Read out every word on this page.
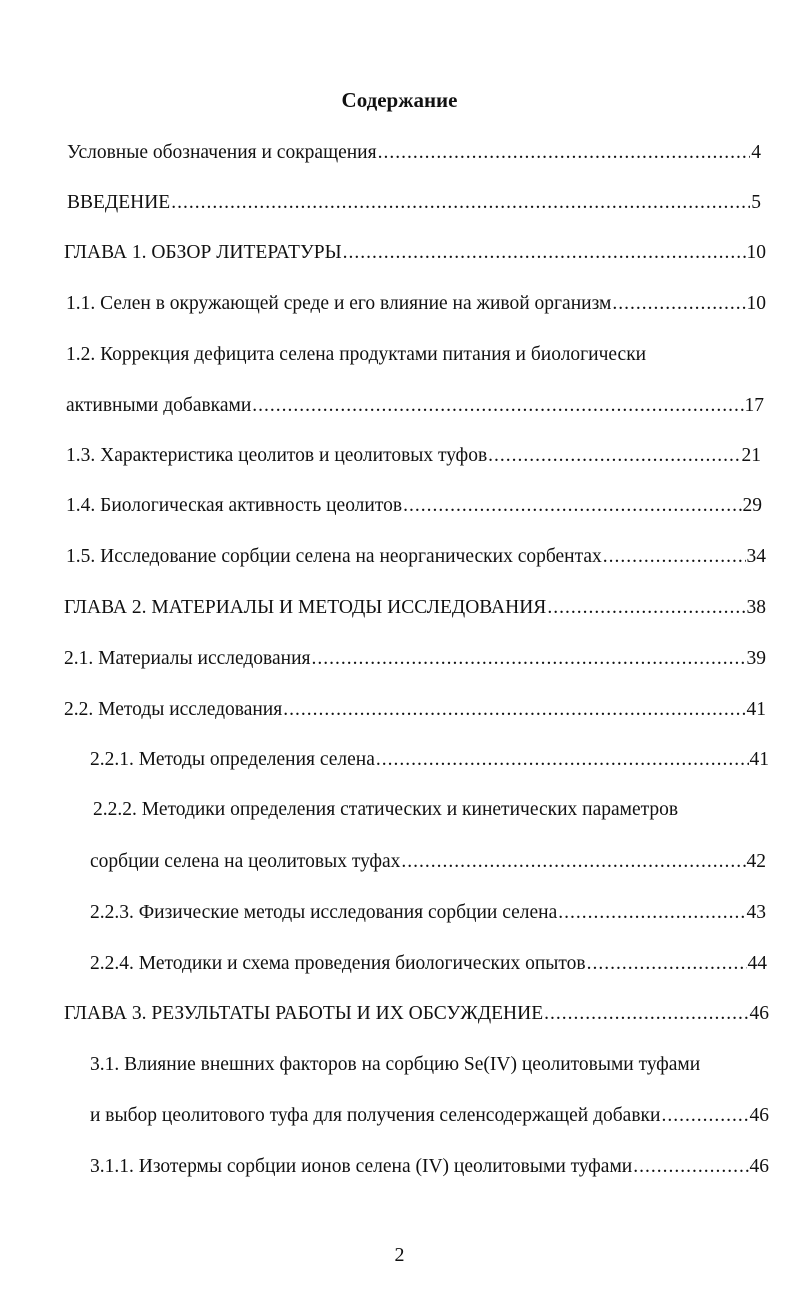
Содержание
Условные обозначения и сокращения .....	4
ВВЕДЕНИЕ .....	5
ГЛАВА 1. ОБЗОР ЛИТЕРАТУРЫ .....	10
1.1. Селен в окружающей среде и его влияние на живой организм .....	10
1.2. Коррекция дефицита селена продуктами питания и биологически
активными добавками .....	17
1.3. Характеристика цеолитов и цеолитовых туфов .....	21
1.4. Биологическая активность цеолитов .....	29
1.5. Исследование сорбции селена на неорганических сорбентах .....	34
ГЛАВА 2. МАТЕРИАЛЫ И МЕТОДЫ ИССЛЕДОВАНИЯ .....	38
2.1. Материалы исследования .....	39
2.2. Методы исследования .....	41
2.2.1. Методы определения селена .....	41
2.2.2. Методики определения статических и кинетических параметров
сорбции селена на цеолитовых туфах .....	42
2.2.3. Физические методы исследования сорбции селена .....	43
2.2.4. Методики и схема проведения биологических опытов .....	44
ГЛАВА 3. РЕЗУЛЬТАТЫ РАБОТЫ И ИХ ОБСУЖДЕНИЕ .....	46
3.1. Влияние внешних факторов на сорбцию Se(IV) цеолитовыми туфами
и выбор цеолитового туфа для получения селенсодержащей добавки .....	46
3.1.1. Изотермы сорбции ионов селена (IV) цеолитовыми туфами .....	46
2
